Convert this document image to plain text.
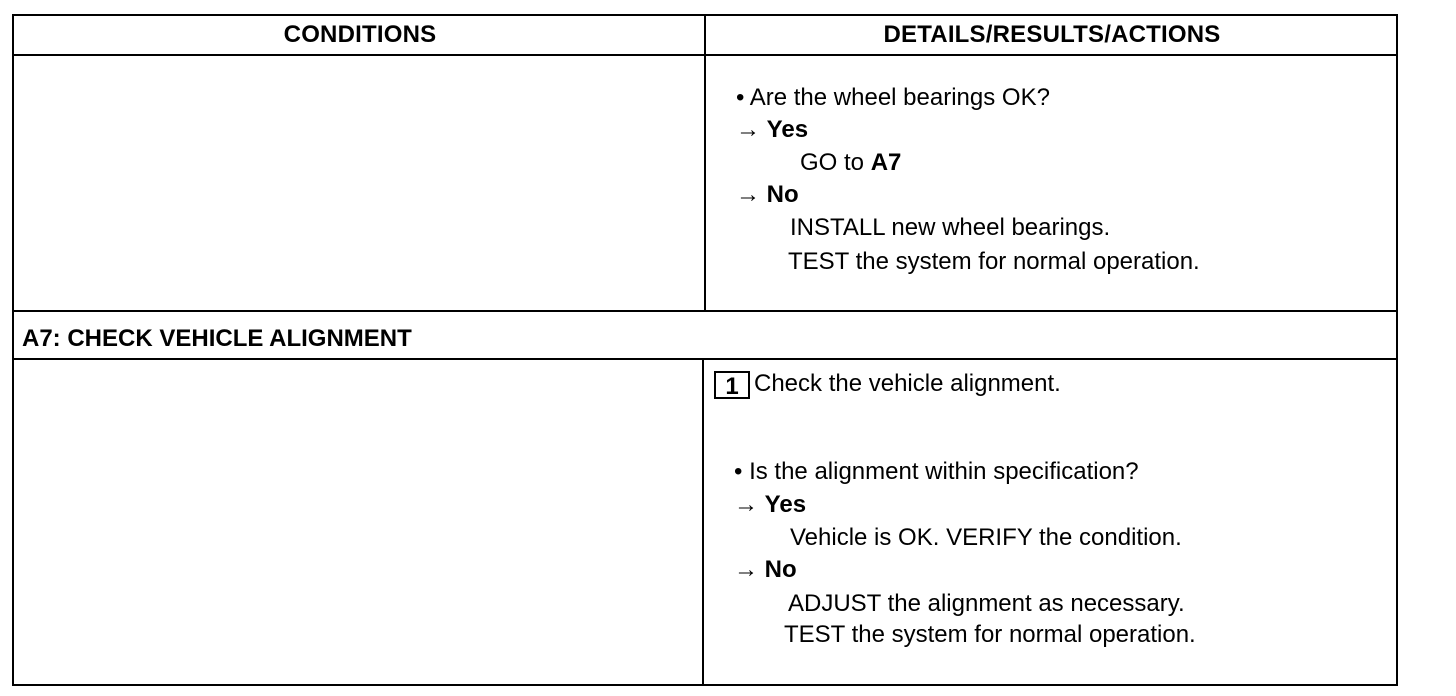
CONDITIONS	DETAILS/RESULTS/ACTIONS
• Are the wheel bearings OK?
→ Yes
GO to A7
→ No
INSTALL new wheel bearings.
TEST the system for normal operation.
A7: CHECK VEHICLE ALIGNMENT
1 Check the vehicle alignment.
• Is the alignment within specification?
→ Yes
Vehicle is OK. VERIFY the condition.
→ No
ADJUST the alignment as necessary.
TEST the system for normal operation.
